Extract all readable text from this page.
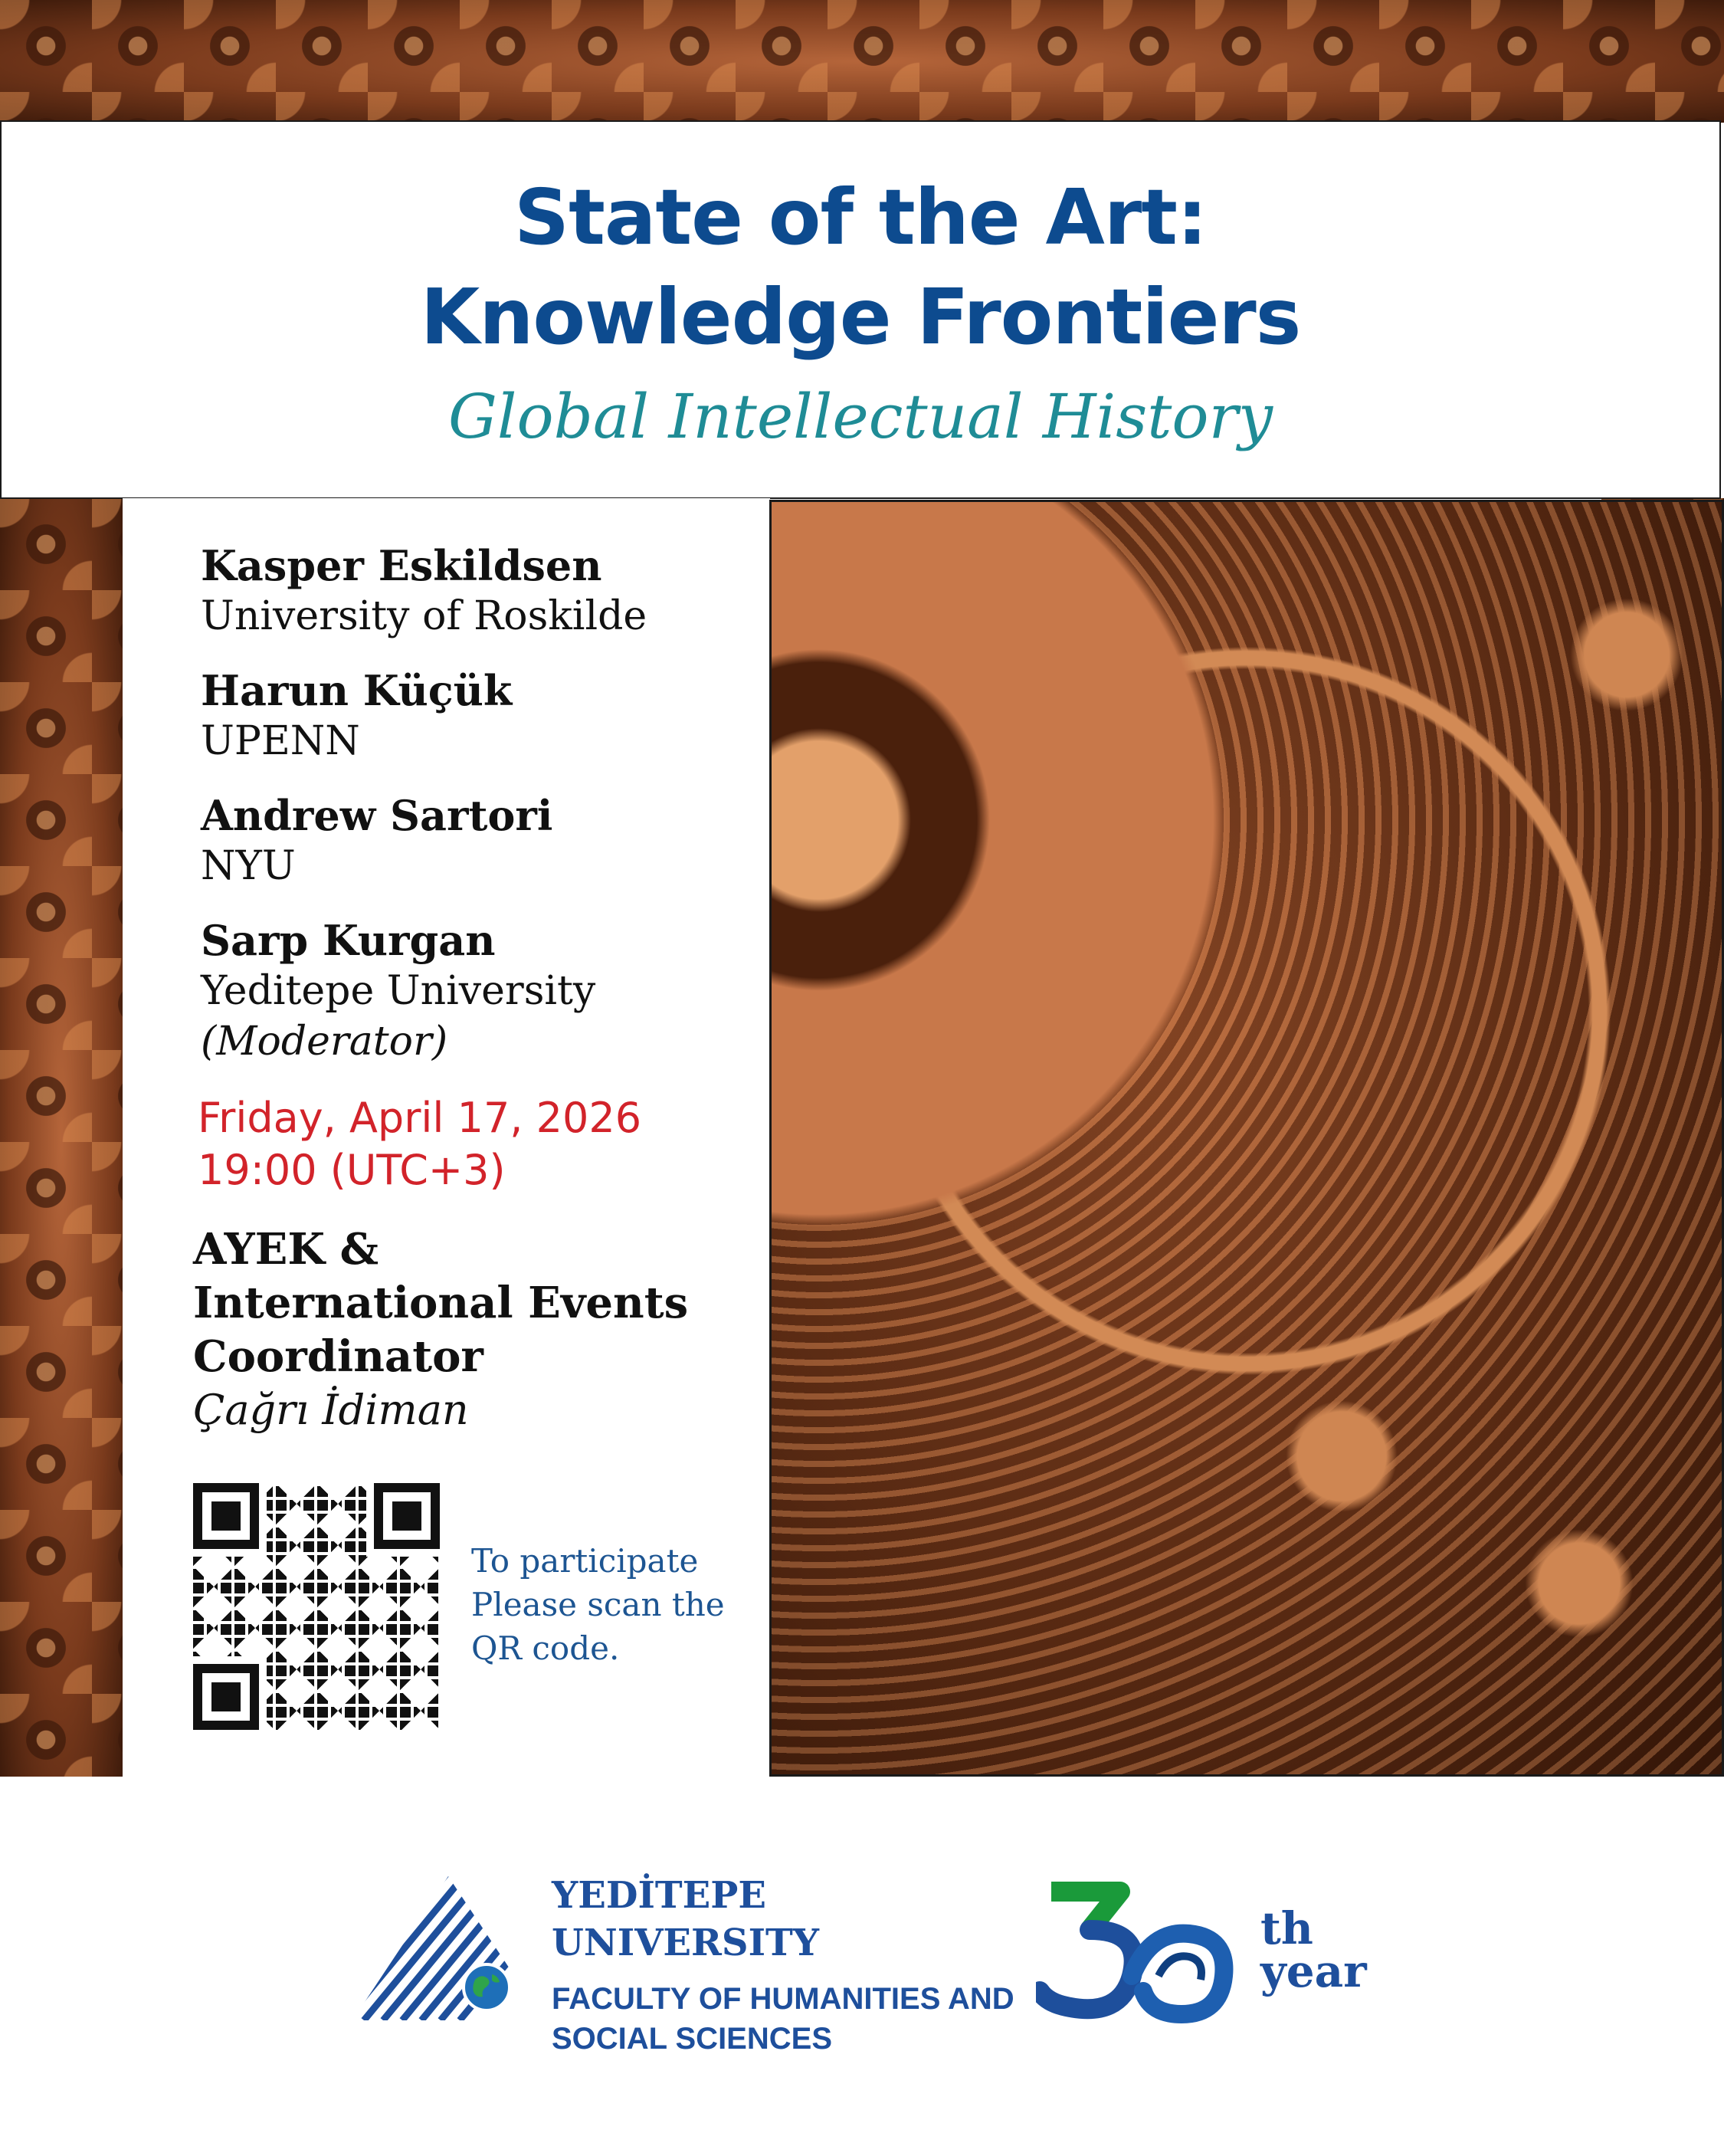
State of the Art:
Knowledge Frontiers
Global Intellectual History
Kasper Eskildsen
University of Roskilde
Harun Küçük
UPENN
Andrew Sartori
NYU
Sarp Kurgan
Yeditepe University
(Moderator)
Friday, April 17, 2026
19:00 (UTC+3)
AYEK &
International Events
Coordinator
Çağrı İdiman
To participate
Please scan the
QR code.
YEDİTEPE
UNIVERSITY
FACULTY OF HUMANITIES AND
SOCIAL SCIENCES
th
year
